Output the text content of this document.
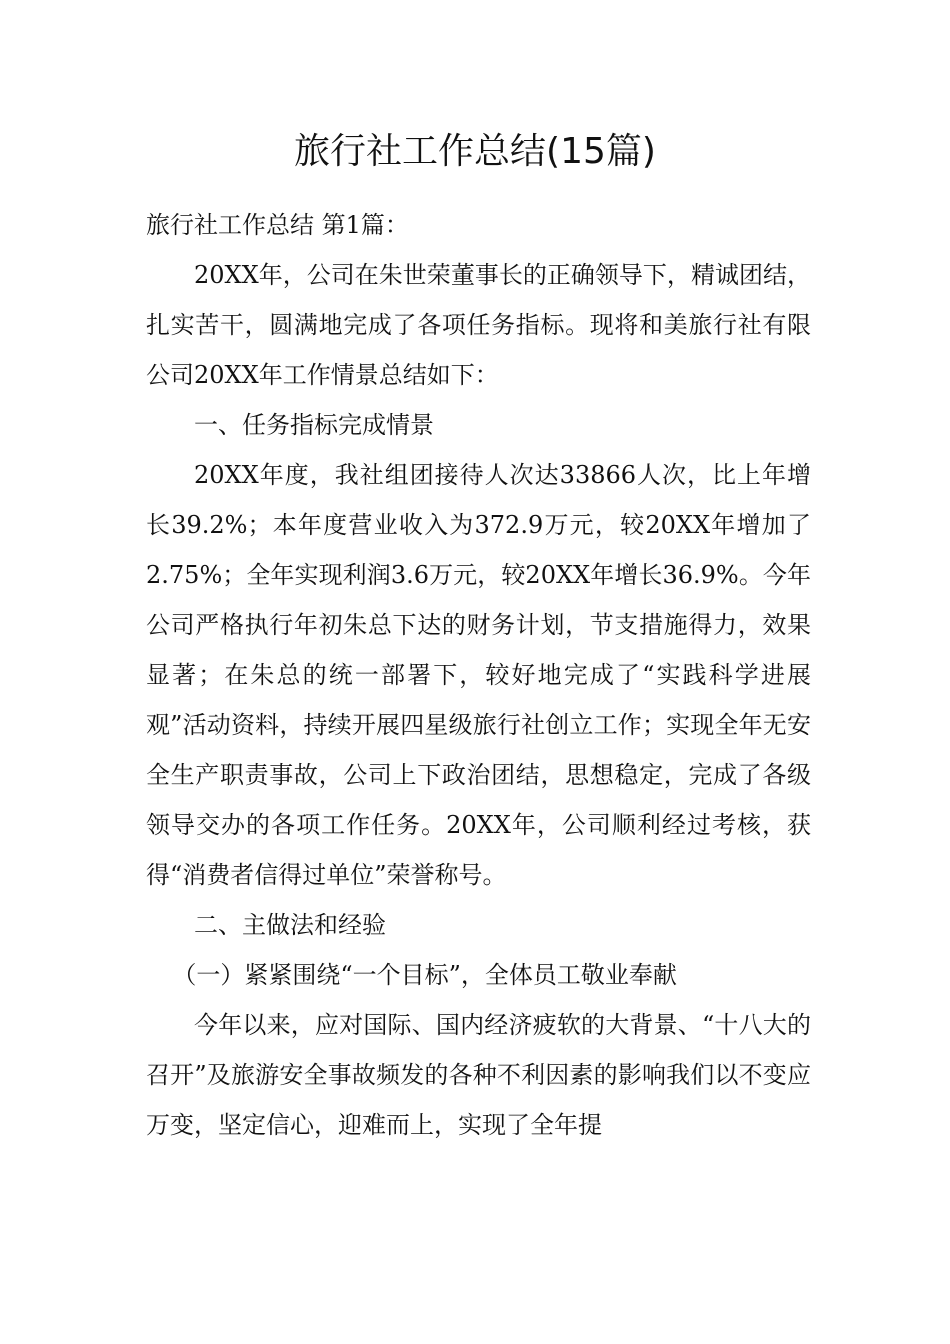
旅行社工作总结(15篇)

旅行社工作总结 第1篇：

20XX年，公司在朱世荣董事长的正确领导下，精诚团结，扎实苦干，圆满地完成了各项任务指标。现将和美旅行社有限公司20XX年工作情景总结如下：

一、任务指标完成情景

20XX年度，我社组团接待人次达33866人次，比上年增长39.2%；本年度营业收入为372.9万元，较20XX年增加了2.75%；全年实现利润3.6万元，较20XX年增长36.9%。今年公司严格执行年初朱总下达的财务计划，节支措施得力，效果显著；在朱总的统一部署下，较好地完成了“实践科学进展观”活动资料，持续开展四星级旅行社创立工作；实现全年无安全生产职责事故，公司上下政治团结，思想稳定，完成了各级领导交办的各项工作任务。20XX年，公司顺利经过考核，获得“消费者信得过单位”荣誉称号。

二、主做法和经验

（一）紧紧围绕“一个目标”，全体员工敬业奉献

今年以来，应对国际、国内经济疲软的大背景、“十八大的召开”及旅游安全事故频发的各种不利因素的影响我们以不变应万变，坚定信心，迎难而上，实现了全年提
